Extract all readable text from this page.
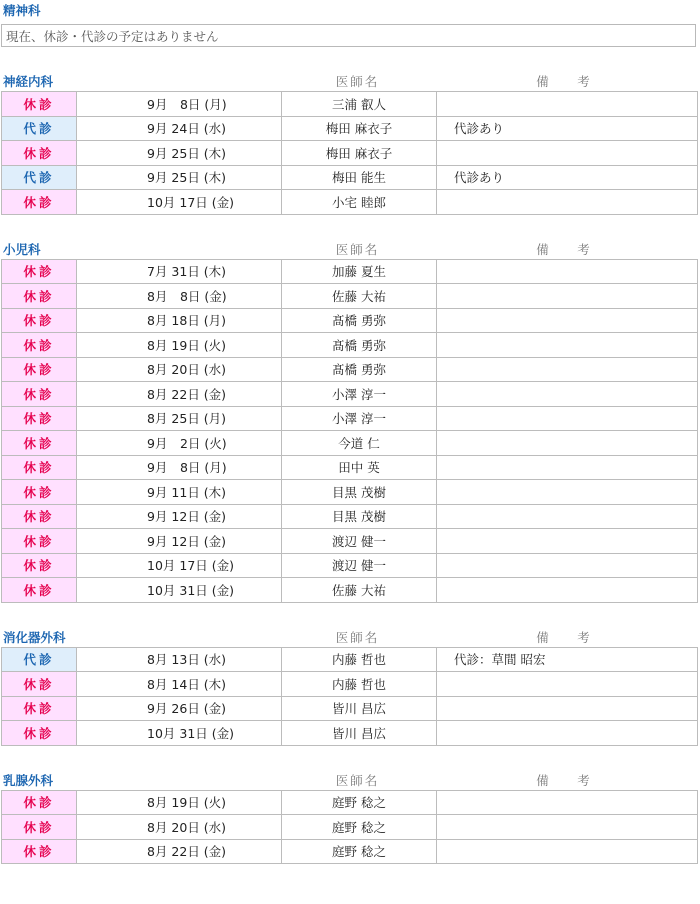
精神科
現在、休診・代診の予定はありません
神経内科	医師名	備　考
休診	9月　8日 (月)	三浦 叡人	
代診	9月 24日 (水)	梅田 麻衣子	代診あり
休診	9月 25日 (木)	梅田 麻衣子	
代診	9月 25日 (木)	梅田 能生	代診あり
休診	10月 17日 (金)	小宅 睦郎	
小児科	医師名	備　考
休診	7月 31日 (木)	加藤 夏生	
休診	8月　8日 (金)	佐藤 大祐	
休診	8月 18日 (月)	髙橋 勇弥	
休診	8月 19日 (火)	髙橋 勇弥	
休診	8月 20日 (水)	髙橋 勇弥	
休診	8月 22日 (金)	小澤 淳一	
休診	8月 25日 (月)	小澤 淳一	
休診	9月　2日 (火)	今道 仁	
休診	9月　8日 (月)	田中 英	
休診	9月 11日 (木)	目黒 茂樹	
休診	9月 12日 (金)	目黒 茂樹	
休診	9月 12日 (金)	渡辺 健一	
休診	10月 17日 (金)	渡辺 健一	
休診	10月 31日 (金)	佐藤 大祐	
消化器外科	医師名	備　考
代診	8月 13日 (水)	内藤 哲也	代診：草間 昭宏
休診	8月 14日 (木)	内藤 哲也	
休診	9月 26日 (金)	皆川 昌広	
休診	10月 31日 (金)	皆川 昌広	
乳腺外科	医師名	備　考
休診	8月 19日 (火)	庭野 稔之	
休診	8月 20日 (水)	庭野 稔之	
休診	8月 22日 (金)	庭野 稔之	
